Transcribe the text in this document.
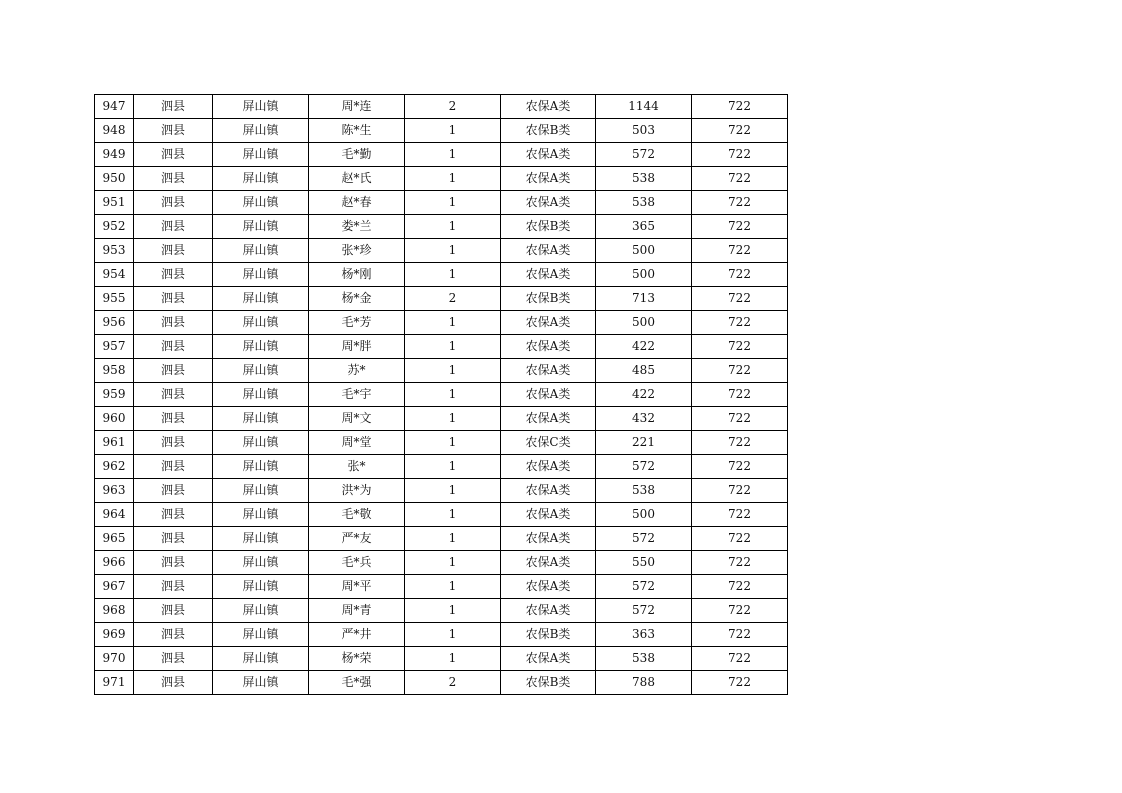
947	泗县	屏山镇	周*连	2	农保A类	1144	722
948	泗县	屏山镇	陈*生	1	农保B类	503	722
949	泗县	屏山镇	毛*勤	1	农保A类	572	722
950	泗县	屏山镇	赵*氏	1	农保A类	538	722
951	泗县	屏山镇	赵*春	1	农保A类	538	722
952	泗县	屏山镇	娄*兰	1	农保B类	365	722
953	泗县	屏山镇	张*珍	1	农保A类	500	722
954	泗县	屏山镇	杨*刚	1	农保A类	500	722
955	泗县	屏山镇	杨*金	2	农保B类	713	722
956	泗县	屏山镇	毛*芳	1	农保A类	500	722
957	泗县	屏山镇	周*胖	1	农保A类	422	722
958	泗县	屏山镇	苏*	1	农保A类	485	722
959	泗县	屏山镇	毛*宇	1	农保A类	422	722
960	泗县	屏山镇	周*文	1	农保A类	432	722
961	泗县	屏山镇	周*堂	1	农保C类	221	722
962	泗县	屏山镇	张*	1	农保A类	572	722
963	泗县	屏山镇	洪*为	1	农保A类	538	722
964	泗县	屏山镇	毛*敬	1	农保A类	500	722
965	泗县	屏山镇	严*友	1	农保A类	572	722
966	泗县	屏山镇	毛*兵	1	农保A类	550	722
967	泗县	屏山镇	周*平	1	农保A类	572	722
968	泗县	屏山镇	周*青	1	农保A类	572	722
969	泗县	屏山镇	严*井	1	农保B类	363	722
970	泗县	屏山镇	杨*荣	1	农保A类	538	722
971	泗县	屏山镇	毛*强	2	农保B类	788	722
